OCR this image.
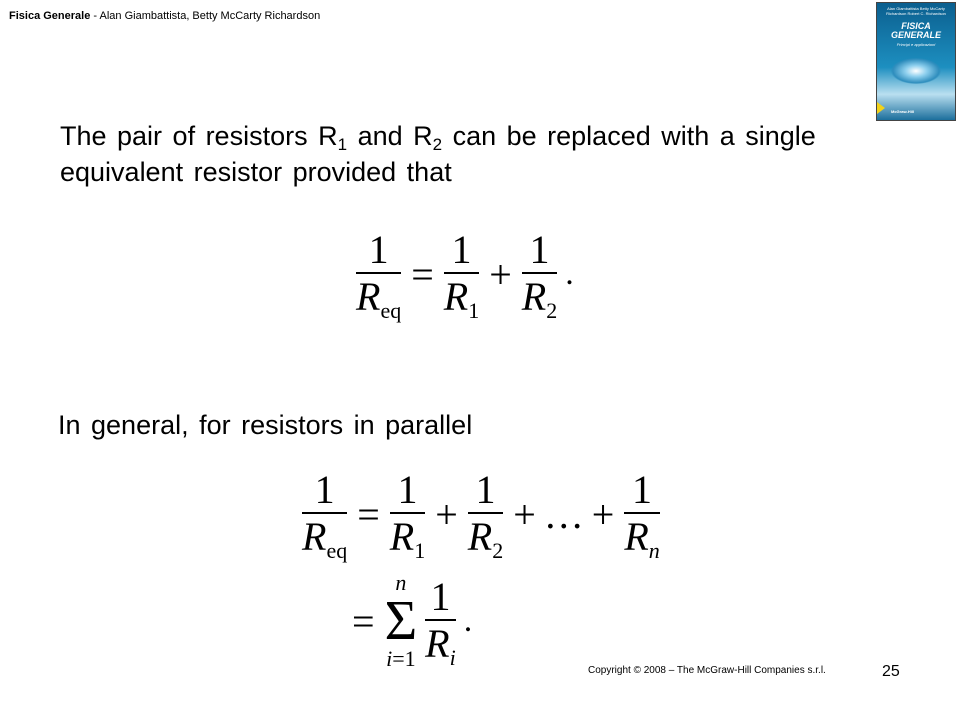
Fisica Generale - Alan Giambattista, Betty McCarty Richardson
Alan Giambattista Betty McCarty Richardson Robert C. Richardson
FISICA GENERALE
Principi e applicazioni
McGraw-Hill
The pair of resistors $R_1$ and $R_2$ can be replaced with a single equivalent resistor provided that
$\frac{1}{R_{eq}} = \frac{1}{R_1} + \frac{1}{R_2}$ .
In general, for resistors in parallel
$\frac{1}{R_{eq}} = \frac{1}{R_1} + \frac{1}{R_2}$ + … + $\frac{1}{R_n}$
=
n
Σ
$i=1 \frac{1}{R_i}$ .
Copyright © 2008 – The McGraw-Hill Companies s.r.l.	25
